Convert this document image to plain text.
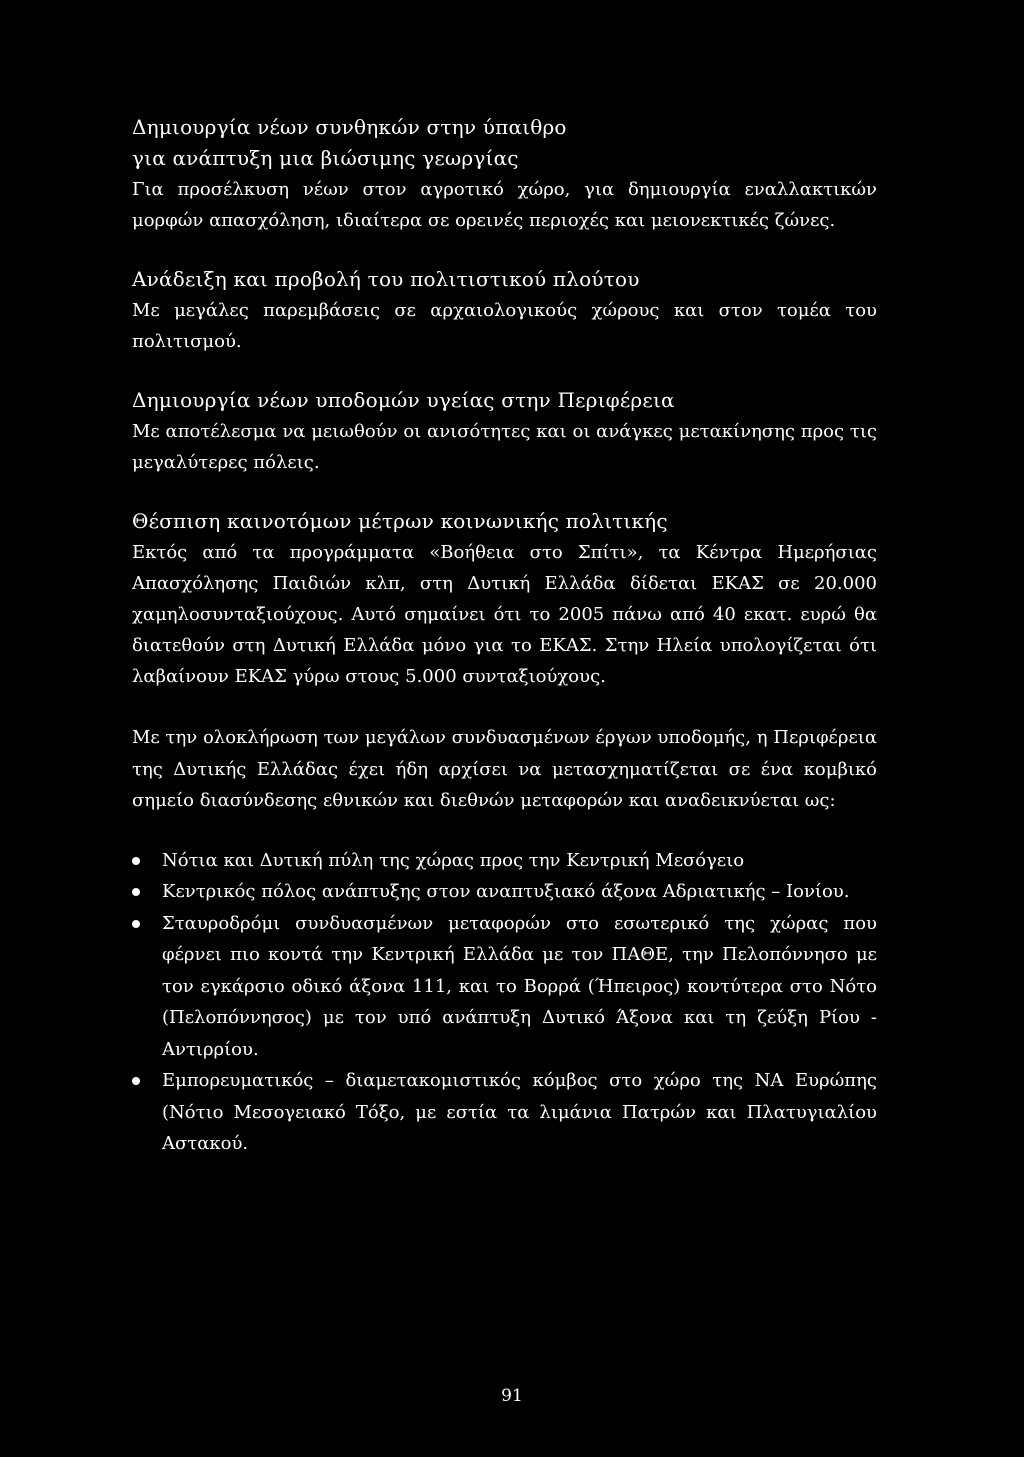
Δημιουργία νέων συνθηκών στην ύπαιθρο
για ανάπτυξη μια βιώσιμης γεωργίας

Για προσέλκυση νέων στον αγροτικό χώρο, για δημιουργία εναλλακτικών μορφών απασχόληση, ιδιαίτερα σε ορεινές περιοχές και μειονεκτικές ζώνες.

Ανάδειξη και προβολή του πολιτιστικού πλούτου

Με μεγάλες παρεμβάσεις σε αρχαιολογικούς χώρους και στον τομέα του πολιτισμού.

Δημιουργία νέων υποδομών υγείας στην Περιφέρεια

Με αποτέλεσμα να μειωθούν οι ανισότητες και οι ανάγκες μετακίνησης προς τις μεγαλύτερες πόλεις.

Θέσπιση καινοτόμων μέτρων κοινωνικής πολιτικής

Εκτός από τα προγράμματα «Βοήθεια στο Σπίτι», τα Κέντρα Ημερήσιας Απασχόλησης Παιδιών κλπ, στη Δυτική Ελλάδα δίδεται ΕΚΑΣ σε 20.000 χαμηλοσυνταξιούχους. Αυτό σημαίνει ότι το 2005 πάνω από 40 εκατ. ευρώ θα διατεθούν στη Δυτική Ελλάδα μόνο για το ΕΚΑΣ. Στην Ηλεία υπολογίζεται ότι λαβαίνουν ΕΚΑΣ γύρω στους 5.000 συνταξιούχους.

Με την ολοκλήρωση των μεγάλων συνδυασμένων έργων υποδομής, η Περιφέρεια της Δυτικής Ελλάδας έχει ήδη αρχίσει να μετασχηματίζεται σε ένα κομβικό σημείο διασύνδεσης εθνικών και διεθνών μεταφορών και αναδεικνύεται ως:

Νότια και Δυτική πύλη της χώρας προς την Κεντρική Μεσόγειο
Κεντρικός πόλος ανάπτυξης στον αναπτυξιακό άξονα Αδριατικής – Ιονίου.
Σταυροδρόμι συνδυασμένων μεταφορών στο εσωτερικό της χώρας που φέρνει πιο κοντά την Κεντρική Ελλάδα με τον ΠΑΘΕ, την Πελοπόννησο με τον εγκάρσιο οδικό άξονα 111, και το Βορρά (Ήπειρος) κοντύτερα στο Νότο (Πελοπόννησος) με τον υπό ανάπτυξη Δυτικό Άξονα και τη ζεύξη Ρίου - Αντιρρίου.
Εμπορευματικός – διαμετακομιστικός κόμβος στο χώρο της ΝΑ Ευρώπης (Νότιο Μεσογειακό Τόξο, με εστία τα λιμάνια Πατρών και Πλατυγιαλίου Αστακού.
91
